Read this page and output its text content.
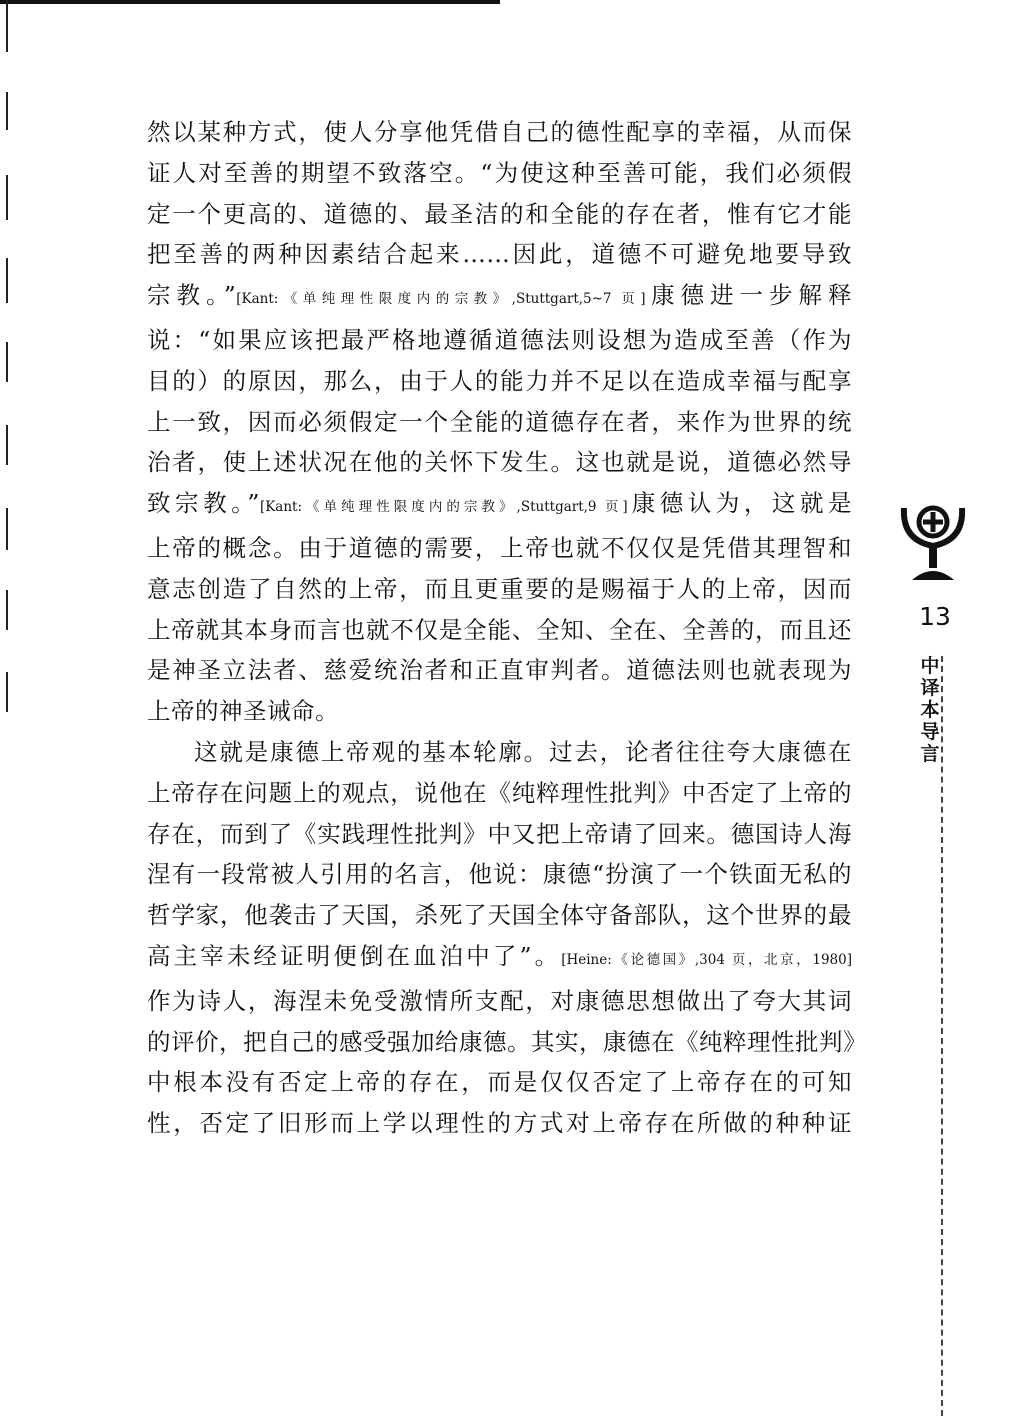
然以某种方式，使人分享他凭借自己的德性配享的幸福，从而保
证人对至善的期望不致落空。“为使这种至善可能，我们必须假
定一个更高的、道德的、最圣洁的和全能的存在者，惟有它才能
把至善的两种因素结合起来……因此，道德不可避免地要导致
宗教。”[Kant:《单纯理性限度内的宗教》,Stuttgart,5~7 页]康德进一步解释
说：“如果应该把最严格地遵循道德法则设想为造成至善（作为
目的）的原因，那么，由于人的能力并不足以在造成幸福与配享
上一致，因而必须假定一个全能的道德存在者，来作为世界的统
治者，使上述状况在他的关怀下发生。这也就是说，道德必然导
致宗教。”[Kant:《单纯理性限度内的宗教》,Stuttgart,9 页]康德认为，这就是
上帝的概念。由于道德的需要，上帝也就不仅仅是凭借其理智和
意志创造了自然的上帝，而且更重要的是赐福于人的上帝，因而
上帝就其本身而言也就不仅是全能、全知、全在、全善的，而且还
是神圣立法者、慈爱统治者和正直审判者。道德法则也就表现为
上帝的神圣诫命。
这就是康德上帝观的基本轮廓。过去，论者往往夸大康德在
上帝存在问题上的观点，说他在《纯粹理性批判》中否定了上帝的
存在，而到了《实践理性批判》中又把上帝请了回来。德国诗人海
涅有一段常被人引用的名言，他说：康德“扮演了一个铁面无私的
哲学家，他袭击了天国，杀死了天国全体守备部队，这个世界的最
高主宰未经证明便倒在血泊中了”。[Heine:《论德国》,304 页，北京，1980]
作为诗人，海涅未免受激情所支配，对康德思想做出了夸大其词
的评价，把自己的感受强加给康德。其实，康德在《纯粹理性批判》
中根本没有否定上帝的存在，而是仅仅否定了上帝存在的可知
性，否定了旧形而上学以理性的方式对上帝存在所做的种种证
13
中
译
本
导
言
